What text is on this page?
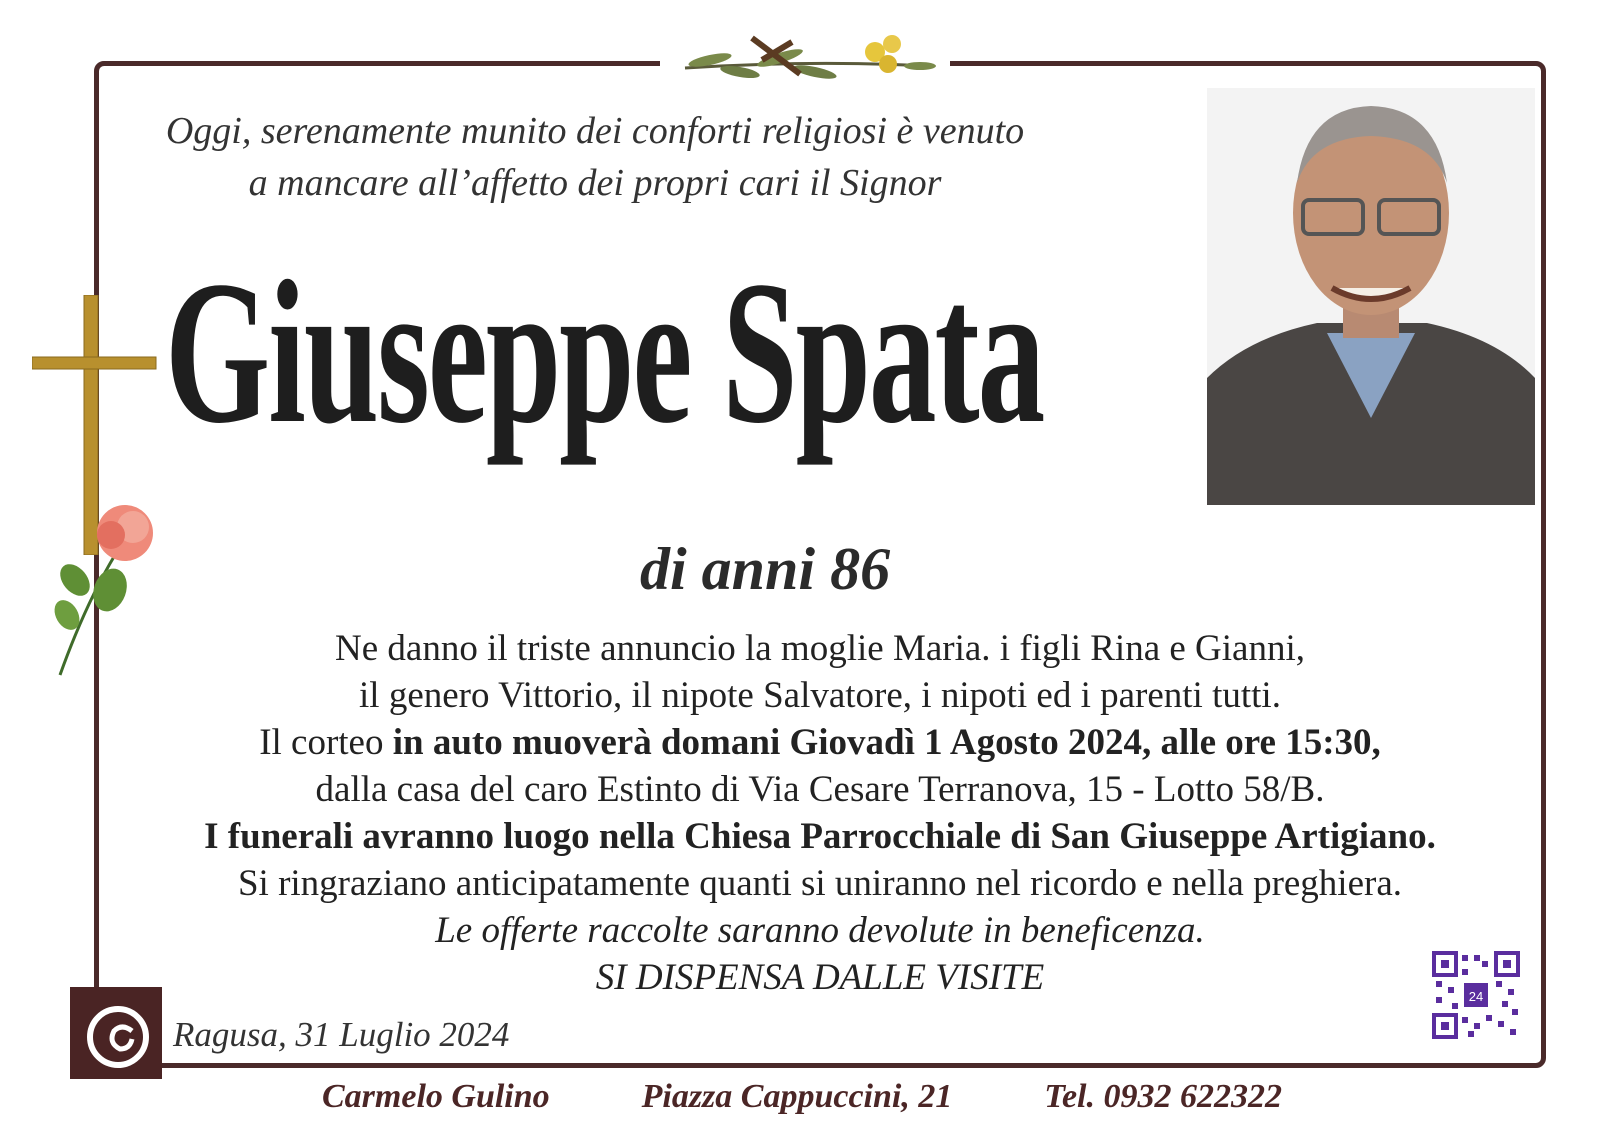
Oggi, serenamente munito dei conforti religiosi è venuto
a mancare all’affetto dei propri cari il Signor
Giuseppe Spata
di anni 86
Ne danno il triste annuncio la moglie Maria. i figli Rina e Gianni,
il genero Vittorio, il nipote Salvatore, i nipoti ed i parenti tutti.
Il corteo in auto muoverà domani Giovadì 1 Agosto 2024, alle ore 15:30,
dalla casa del caro Estinto di Via Cesare Terranova, 15 - Lotto 58/B.
I funerali avranno luogo nella Chiesa Parrocchiale di San Giuseppe Artigiano.
Si ringraziano anticipatamente quanti si uniranno nel ricordo e nella preghiera.
Le offerte raccolte saranno devolute in beneficenza.
SI DISPENSA DALLE VISITE
Ragusa, 31 Luglio 2024
24
Carmelo Gulino	Piazza Cappuccini, 21	Tel. 0932 622322
